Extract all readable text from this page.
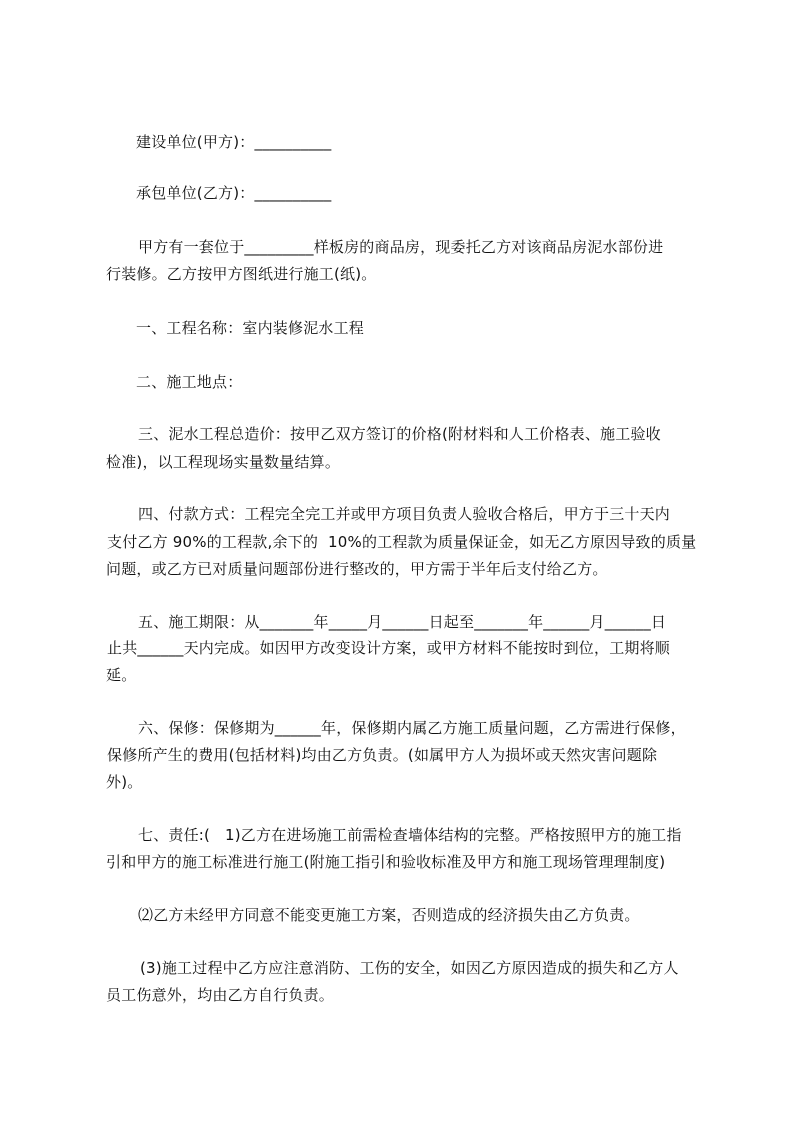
建设单位(甲方)：__________
承包单位(乙方)：__________
甲方有一套位于_________样板房的商品房，现委托乙方对该商品房泥水部份进
行装修。乙方按甲方图纸进行施工(纸)。
一、工程名称：室内装修泥水工程
二、施工地点：
三、泥水工程总造价：按甲乙双方签订的价格(附材料和人工价格表、施工验收
检准)，以工程现场实量数量结算。
四、付款方式：工程完全完工并或甲方项目负责人验收合格后，甲方于三十天内
支付乙方 90%的工程款,余下的  10%的工程款为质量保证金，如无乙方原因导致的质量
问题，或乙方已对质量问题部份进行整改的，甲方需于半年后支付给乙方。
五、施工期限：从_______年_____月______日起至_______年______月______日
止共______天内完成。如因甲方改变设计方案，或甲方材料不能按时到位，工期将顺
延。
六、保修：保修期为______年，保修期内属乙方施工质量问题，乙方需进行保修，
保修所产生的费用(包括材料)均由乙方负责。(如属甲方人为损坏或天然灾害问题除
外)。
七、责任:(   1)乙方在进场施工前需检查墙体结构的完整。严格按照甲方的施工指
引和甲方的施工标准进行施工(附施工指引和验收标准及甲方和施工现场管理理制度)
⑵乙方未经甲方同意不能变更施工方案，否则造成的经济损失由乙方负责。
(3)施工过程中乙方应注意消防、工伤的安全，如因乙方原因造成的损失和乙方人
员工伤意外，均由乙方自行负责。
